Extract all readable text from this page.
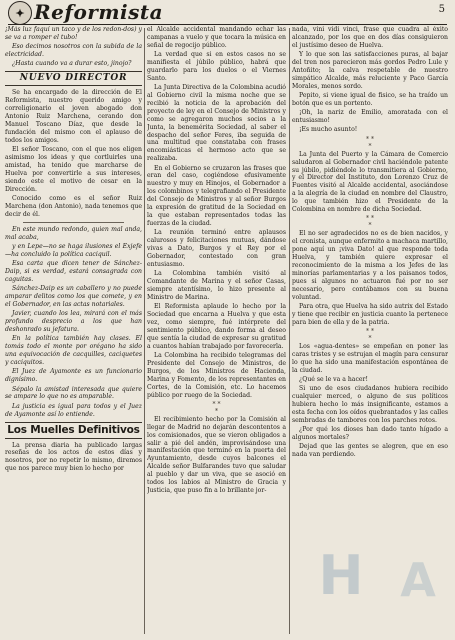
✦ Reformista	5

¡Más luz faquí un taco y de los redon-dos) y se va a romper el tubo!

Eso decimos nosotros con la subida de la electricidad.

¿Hasta cuando va a durar esto, jinojo?

NUEVO DIRECTOR

Se ha encargado de la dirección de El Reformista, nuestro querido amigo y correligionario el joven abogado don Antonio Ruiz Marchena, cerando don Manuel Toscano Díaz, que desde la fundación del mismo con el aplauso de todos los amigos.

El señor Toscano, con el que nos eligen asimismo los ideas y que cortluirles una amistad, ha tenido que marcharse de Huelva por convertirle a sus intereses, siendo este el motivo de cesar en la Dirección.

Conocido como es el señor Ruiz Marchena (don Antonio), nada tenemos que decir de él.

En este mundo redondo, quien mal anda, mal acaba,

y en Lepe—no se haga ilusiones el Exjefe—ha concluido la política caciquil.

Esa carta que dicen tener de Sánchez-Daip, si es verdad, estará consagrada con caguitas.

Sánchez-Daip es un caballero y no puede amparar delitos como los que comete, y en el Gobernador, en las actas notariales.

Javier, cuando los lea, mirará con el más profundo desprecio a los que han deshonrado su jefatura.

En la política también hay clases. El tomás todo el monte por orégano ha sido una equivocación de cacquilles, caciquetes y caciquitos.

El Juez de Ayamonte es un funcionario dignísimo.

Sépalo la amistad interesada que quiere se ampare lo que no es amparable.

La justicia es igual para todos y el Juez de Ayamonte así lo entiende.

Los Muelles Definitivos

La prensa diaria ha publicado largas reseñas de los actos de estos días y nosotros, por no repetir lo mismo, diremos que nos parece muy bien lo hecho por

el Alcalde accidental mandando echar las campanas a vuelo y que tocara la música en señal de regocijo público.

La verdad que si en estos casos no se manifiesta el júbilo público, habrá que guardarlo para los duelos o el Viernes Santo.

La Junta Directiva de la Colombina acudió al Gobierno civil la misma noche que se recibió la noticia de la aprobación del proyecto de ley en el Consejo de Ministros y como se agregaron muchos socios a la Junta, la benemérita Sociedad, al saber el despacho del señor Feres, iba seguida de una multitud que constataba con frases encomiásticas el hermoso acto que se realizaba.

En el Gobierno se cruzaron las frases que eran del caso, cogiéndose efusivamente nuestro y muy en Hinojos, el Gobernador a los colombinos y telegrafiando el Presidente del Consejo de Ministros y al señor Burgos la expresión de gratitud de la Sociedad en la que estaban representados todas las fuerzas de la ciudad.

La reunión terminó entre aplausos calurosos y felicitaciones mutuas, dándose vivas a Dato, Burgos y el Rey por el Gobernador, contestado con gran entusiasmo.

La Colombina también visitó al Comandante de Marina y el señor Casas, siempre atentísimo, lo hizo presente al Ministro de Marina.

El Reformista aplaude lo hecho por la Sociedad que encarna a Huelva y que esta vez, como siempre, fué intérprete del sentimiento público, dando forma al deseo que sentía la ciudad de expresar su gratitud a cuantos habían trabajado por favorecerla.

La Colombina ha recibido telegramas del Presidente del Consejo de Ministros, de Burgos, de los Ministros de Hacienda, Marina y Fomento, de los representantes en Cortes, de la Comisión, etc. Lo hacemos público por ruego de la Sociedad.

* *
*

El recibimiento hecho por la Comisión al llegar de Madrid no dejarán descontentos a los comisionados, que se vieron obligados a salir a pié del andén, improvisándose una manifestación que terminó en la puerta del Ayuntamiento, desde cuyos balcones el Alcalde señor Bulfarandes tuvo que saludar al pueblo y dar un viva, que se asoció en todos los labios al Ministro de Gracia y Justicia, que puso fin a lo brillante jor-

nada, vini vidi vinci, frase que cuadra al éxito alcanzado, por los que en dos días consiguieron el justísimo deseo de Huelva.

Y lo que son las satisfacciones puras, al bajar del tren nos parecieron más gordos Pedro Lule y Antoñito; la calva respetable de nuestro simpático Alcalde, más reluciente y Paco García Morales, menos sordo.

Pepito, si viene igual de fisico, se ha traído un botón que es un portento.

¡Oh, la nariz de Emilio, amoratada con el entusiasmo!

¡Es mucho asunto!

* *
*

La Junta del Puerto y la Cámara de Comercio saludaron al Gobernador civil haciéndole patente su júbilo, pidiéndole lo transmitiera al Gobierno, y el Director del Instituto, don Lorenzo Cruz de Fuentes visitó al Alcalde accidental, asociándose a la alegría de la ciudad en nombre del Claustro, lo que también hizo el Presidente de la Colombina en nombre de dicha Sociedad.

* *
*

El no ser agradecidos no es de bien nacidos, y el cronista, aunque enfermito a machaca martillo, pone aquí un ¡viva Dato! al que responde toda Huelva, y también quiere expresar el reconocimiento de la misma a los Jefes de las minorías parlamentarias y a los paisanos todos, pues si algunos no actuaron fué por no ser necesario, pero contábamos con su buena voluntad.

Para otra, que Huelva ha sido autrix del Estado y tiene que recibir en justicia cuanto la pertenece para bien de ella y de la patria.

* *
*

Los «agua-dentes» se empeñan en poner las caras tristes y se estrujan el magín para censurar lo que ha sido una manifestación espontánea de la ciudad.

¿Qué se le va a hacer!

Si uno de esos ciudadanos hubiera recibido cualquier merced, o alguno de sus políticos hubiera hecho lo más insignificante, estamos a esta fecha con los oídos quebrantados y las calles sembradas de tambores con los parches rotos.

¿Por qué los dioses han dado tanto hígado a algunos mortales?

Dejad que las gentes se alegren, que en eso nada van perdiendo.

H A
